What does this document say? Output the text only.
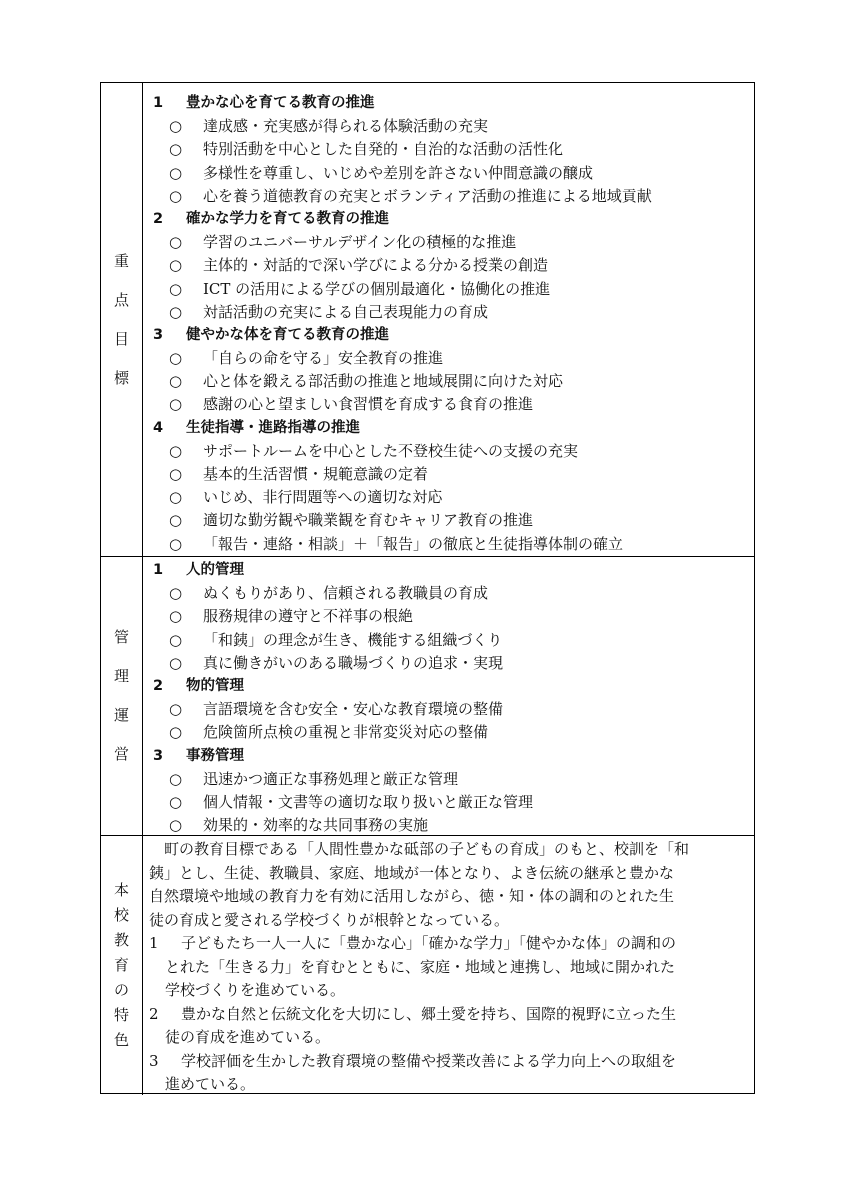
重
点
目
標
1 豊かな心を育てる教育の推進
○ 達成感・充実感が得られる体験活動の充実
○ 特別活動を中心とした自発的・自治的な活動の活性化
○ 多様性を尊重し、いじめや差別を許さない仲間意識の醸成
○ 心を養う道徳教育の充実とボランティア活動の推進による地域貢献
2 確かな学力を育てる教育の推進
○ 学習のユニバーサルデザイン化の積極的な推進
○ 主体的・対話的で深い学びによる分かる授業の創造
○ ICT の活用による学びの個別最適化・協働化の推進
○ 対話活動の充実による自己表現能力の育成
3 健やかな体を育てる教育の推進
○ 「自らの命を守る」安全教育の推進
○ 心と体を鍛える部活動の推進と地域展開に向けた対応
○ 感謝の心と望ましい食習慣を育成する食育の推進
4 生徒指導・進路指導の推進
○ サポートルームを中心とした不登校生徒への支援の充実
○ 基本的生活習慣・規範意識の定着
○ いじめ、非行問題等への適切な対応
○ 適切な勤労観や職業観を育むキャリア教育の推進
○ 「報告・連絡・相談」＋「報告」の徹底と生徒指導体制の確立
管
理
運
営
1 人的管理
○ ぬくもりがあり、信頼される教職員の育成
○ 服務規律の遵守と不祥事の根絶
○ 「和銕」の理念が生き、機能する組織づくり
○ 真に働きがいのある職場づくりの追求・実現
2 物的管理
○ 言語環境を含む安全・安心な教育環境の整備
○ 危険箇所点検の重視と非常変災対応の整備
3 事務管理
○ 迅速かつ適正な事務処理と厳正な管理
○ 個人情報・文書等の適切な取り扱いと厳正な管理
○ 効果的・効率的な共同事務の実施
本
校
教
育
の
特
色
町の教育目標である「人間性豊かな砥部の子どもの育成」のもと、校訓を「和
銕」とし、生徒、教職員、家庭、地域が一体となり、よき伝統の継承と豊かな
自然環境や地域の教育力を有効に活用しながら、徳・知・体の調和のとれた生
徒の育成と愛される学校づくりが根幹となっている。
1 子どもたち一人一人に「豊かな心」「確かな学力」「健やかな体」の調和の
とれた「生きる力」を育むとともに、家庭・地域と連携し、地域に開かれた
学校づくりを進めている。
2 豊かな自然と伝統文化を大切にし、郷土愛を持ち、国際的視野に立った生
徒の育成を進めている。
3 学校評価を生かした教育環境の整備や授業改善による学力向上への取組を
進めている。
